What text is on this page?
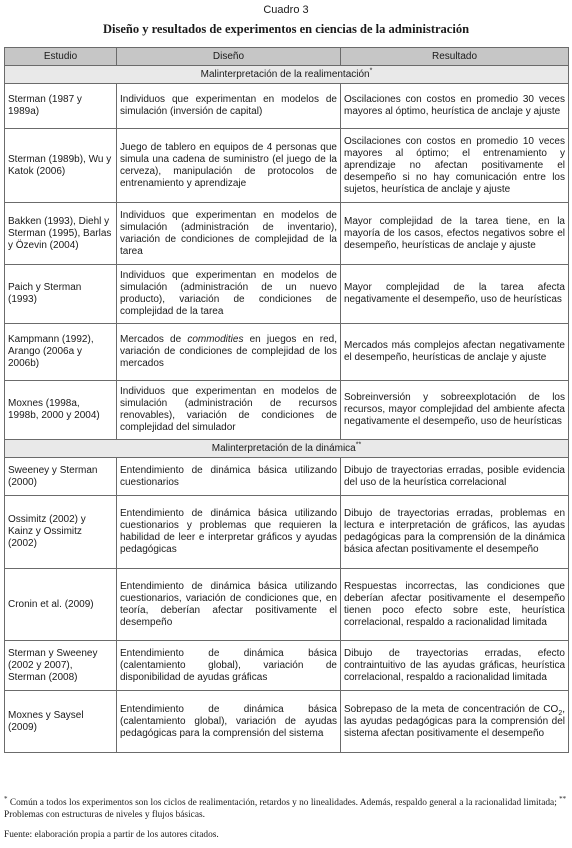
Cuadro 3
Diseño y resultados de experimentos en ciencias de la administración
Estudio	Diseño	Resultado
Malinterpretación de la realimentación*
Sterman (1987 y 1989a)	Individuos que experimentan en modelos de simulación (inversión de capital)	Oscilaciones con costos en promedio 30 veces mayores al óptimo, heurística de anclaje y ajuste
Sterman (1989b), Wu y Katok (2006)	Juego de tablero en equipos de 4 personas que simula una cadena de suministro (el juego de la cerveza), manipulación de protocolos de entrenamiento y aprendizaje	Oscilaciones con costos en promedio 10 veces mayores al óptimo; el entrenamiento y aprendizaje no afectan positivamente el desempeño si no hay comunicación entre los sujetos, heurística de anclaje y ajuste
Bakken (1993), Diehl y Sterman (1995), Barlas y Özevin (2004)	Individuos que experimentan en modelos de simulación (administración de inventario), variación de condiciones de complejidad de la tarea	Mayor complejidad de la tarea tiene, en la mayoría de los casos, efectos negativos sobre el desempeño, heurísticas de anclaje y ajuste
Paich y Sterman (1993)	Individuos que experimentan en modelos de simulación (administración de un nuevo producto), variación de condiciones de complejidad de la tarea	Mayor complejidad de la tarea afecta negativamente el desempeño, uso de heurísticas
Kampmann (1992), Arango (2006a y 2006b)	Mercados de commodities en juegos en red, variación de condiciones de complejidad de los mercados	Mercados más complejos afectan negativamente el desempeño, heurísticas de anclaje y ajuste
Moxnes (1998a, 1998b, 2000 y 2004)	Individuos que experimentan en modelos de simulación (administración de recursos renovables), variación de condiciones de complejidad del simulador	Sobreinversión y sobreexplotación de los recursos, mayor complejidad del ambiente afecta negativamente el desempeño, uso de heurísticas
Malinterpretación de la dinámica**
Sweeney y Sterman (2000)	Entendimiento de dinámica básica utilizando cuestionarios	Dibujo de trayectorias erradas, posible evidencia del uso de la heurística correlacional
Ossimitz (2002) y Kainz y Ossimitz (2002)	Entendimiento de dinámica básica utilizando cuestionarios y problemas que requieren la habilidad de leer e interpretar gráficos y ayudas pedagógicas	Dibujo de trayectorias erradas, problemas en lectura e interpretación de gráficos, las ayudas pedagógicas para la comprensión de la dinámica básica afectan positivamente el desempeño
Cronin et al. (2009)	Entendimiento de dinámica básica utilizando cuestionarios, variación de condiciones que, en teoría, deberían afectar positivamente el desempeño	Respuestas incorrectas, las condiciones que deberían afectar positivamente el desempeño tienen poco efecto sobre este, heurística correlacional, respaldo a racionalidad limitada
Sterman y Sweeney (2002 y 2007), Sterman (2008)	Entendimiento de dinámica básica (calentamiento global), variación de disponibilidad de ayudas gráficas	Dibujo de trayectorias erradas, efecto contraintuitivo de las ayudas gráficas, heurística correlacional, respaldo a racionalidad limitada
Moxnes y Saysel (2009)	Entendimiento de dinámica básica (calentamiento global), variación de ayudas pedagógicas para la comprensión del sistema	Sobrepaso de la meta de concentración de $CO_2$, las ayudas pedagógicas para la comprensión del sistema afectan positivamente el desempeño
* Común a todos los experimentos son los ciclos de realimentación, retardos y no linealidades. Además, respaldo general a la racionalidad limitada; ** Problemas con estructuras de niveles y flujos básicas.
Fuente: elaboración propia a partir de los autores citados.
